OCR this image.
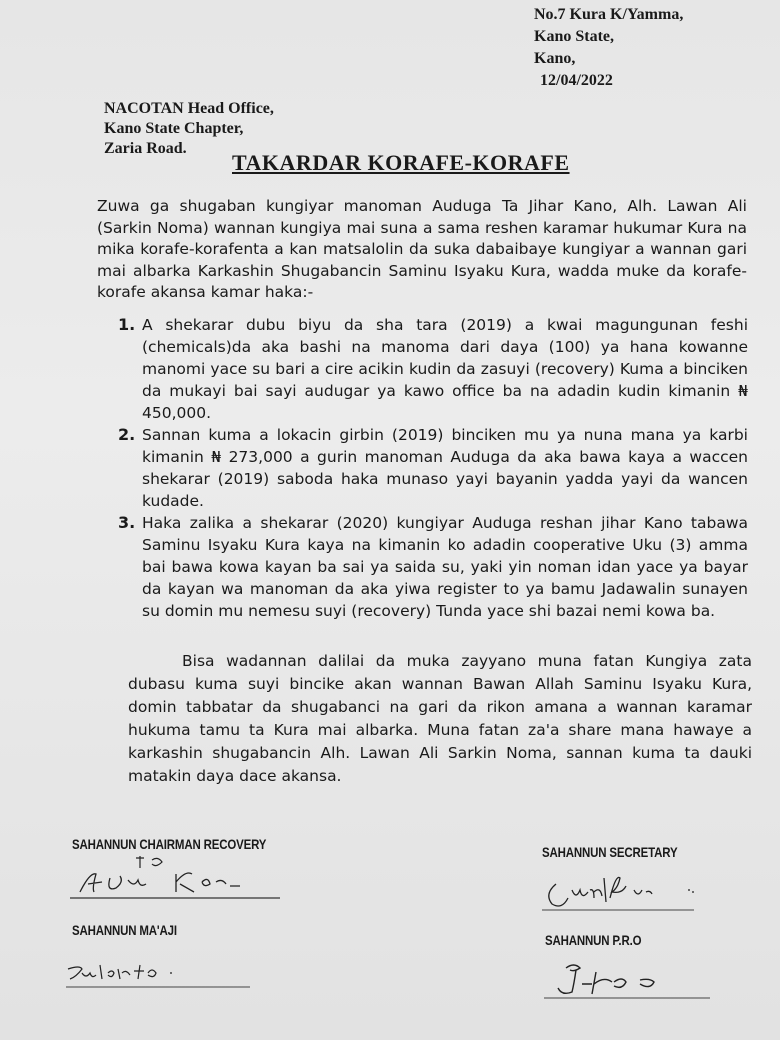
No.7 Kura K/Yamma,
Kano State,
Kano,
12/04/2022
NACOTAN Head Office,
Kano State Chapter,
Zaria Road.
TAKARDAR KORAFE-KORAFE
Zuwa ga shugaban kungiyar manoman Auduga Ta Jihar Kano, Alh. Lawan Ali (Sarkin Noma) wannan kungiya mai suna a sama reshen karamar hukumar Kura na mika korafe-korafenta a kan matsalolin da suka dabaibaye kungiyar a wannan gari mai albarka Karkashin Shugabancin Saminu Isyaku Kura, wadda muke da korafe-korafe akansa kamar haka:-
1. A shekarar dubu biyu da sha tara (2019) a kwai magungunan feshi (chemicals)da aka bashi na manoma dari daya (100) ya hana kowanne manomi yace su bari a cire acikin kudin da zasuyi (recovery) Kuma a binciken da mukayi bai sayi audugar ya kawo office ba na adadin kudin kimanin ₦ 450,000.
2. Sannan kuma a lokacin girbin (2019) binciken mu ya nuna mana ya karbi kimanin ₦ 273,000 a gurin manoman Auduga da aka bawa kaya a waccen shekarar (2019) saboda haka munaso yayi bayanin yadda yayi da wancen kudade.
3. Haka zalika a shekarar (2020) kungiyar Auduga reshan jihar Kano tabawa Saminu Isyaku Kura kaya na kimanin ko adadin cooperative Uku (3) amma bai bawa kowa kayan ba sai ya saida su, yaki yin noman idan yace ya bayar da kayan wa manoman da aka yiwa register to ya bamu Jadawalin sunayen su domin mu nemesu suyi (recovery) Tunda yace shi bazai nemi kowa ba.
Bisa wadannan dalilai da muka zayyano muna fatan Kungiya zata dubasu kuma suyi bincike akan wannan Bawan Allah Saminu Isyaku Kura, domin tabbatar da shugabanci na gari da rikon amana a wannan karamar hukuma tamu ta Kura mai albarka. Muna fatan za'a share mana hawaye a karkashin shugabancin Alh. Lawan Ali Sarkin Noma, sannan kuma ta dauki matakin daya dace akansa.
SAHANNUN CHAIRMAN RECOVERY	SAHANNUN SECRETARY
SAHANNUN MA'AJI
SAHANNUN P.R.O
